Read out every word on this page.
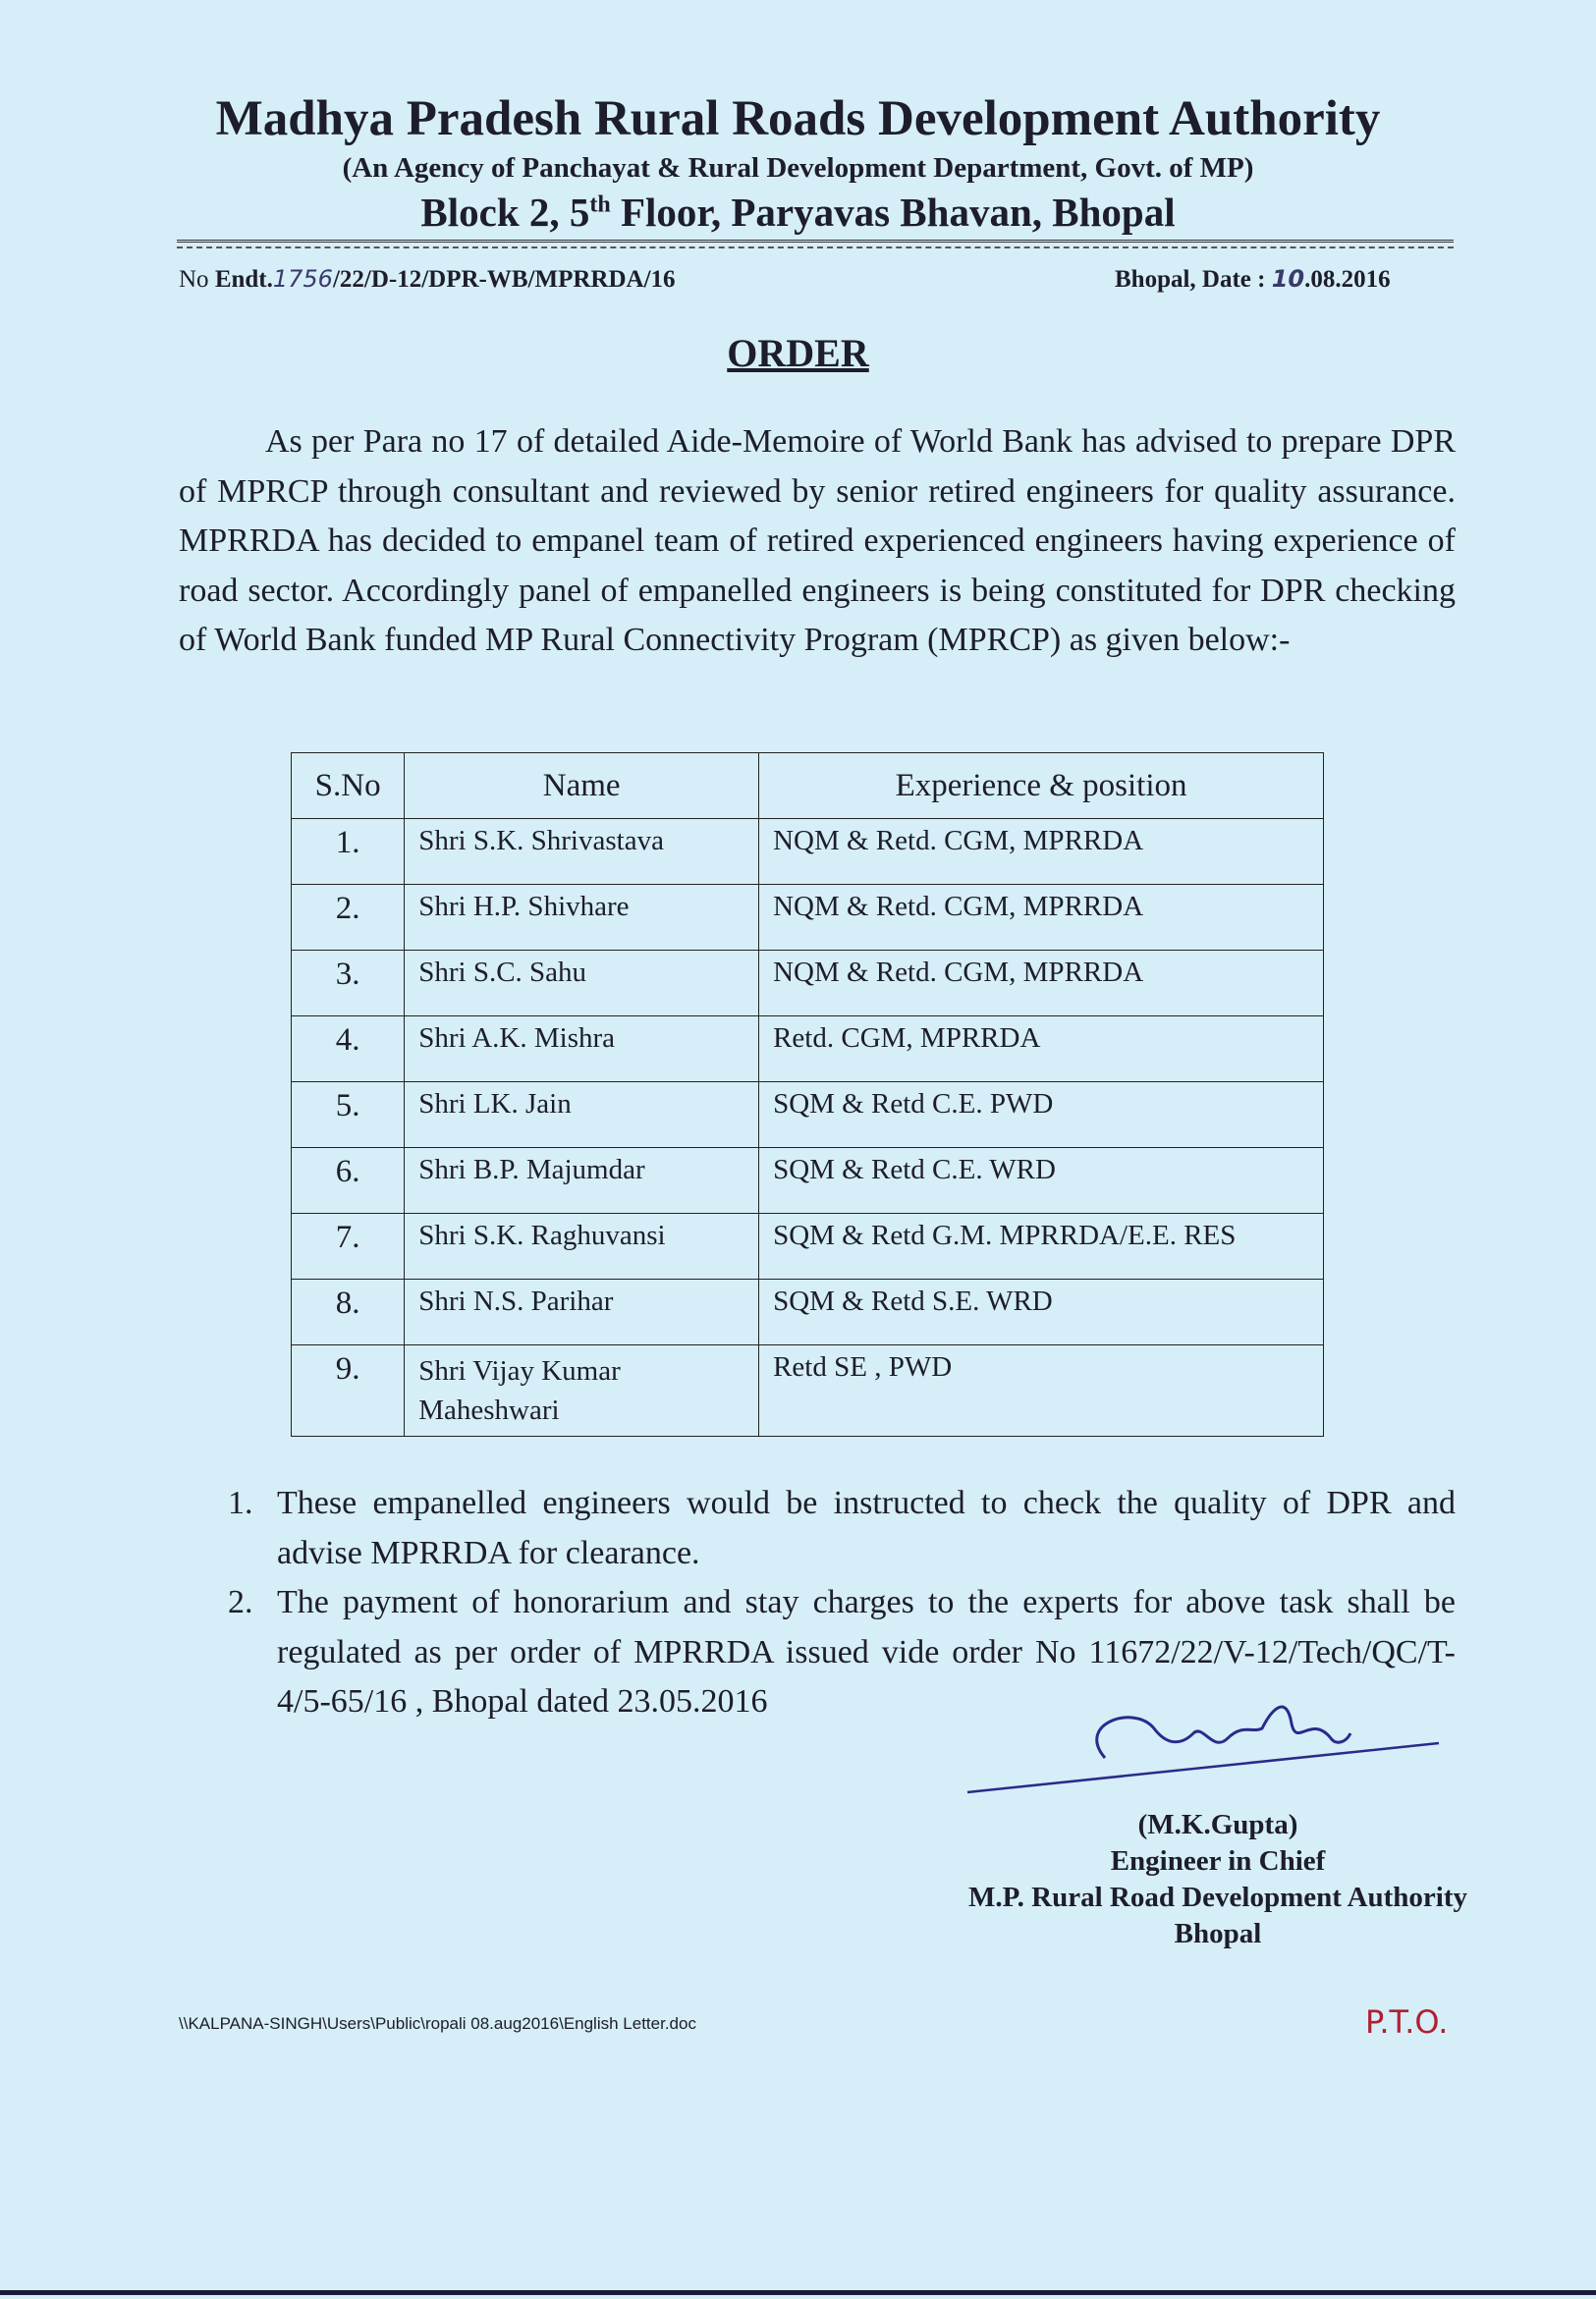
Madhya Pradesh Rural Roads Development Authority
(An Agency of Panchayat & Rural Development Department, Govt. of MP)
Block 2, 5th Floor, Paryavas Bhavan, Bhopal
No Endt.1756/22/D-12/DPR-WB/MPRRDA/16	Bhopal, Date : 10.08.2016
ORDER
As per Para no 17 of detailed Aide-Memoire of World Bank has advised to prepare DPR of MPRCP through consultant and reviewed by senior retired engineers for quality assurance. MPRRDA has decided to empanel team of retired experienced engineers having experience of road sector. Accordingly panel of empanelled engineers is being constituted for DPR checking of World Bank funded MP Rural Connectivity Program (MPRCP) as given below:-
S.No	Name	Experience & position
1.	Shri S.K. Shrivastava	NQM & Retd. CGM, MPRRDA
2.	Shri H.P. Shivhare	NQM & Retd. CGM, MPRRDA
3.	Shri S.C. Sahu	NQM & Retd. CGM, MPRRDA
4.	Shri A.K. Mishra	Retd. CGM, MPRRDA
5.	Shri LK. Jain	SQM & Retd C.E. PWD
6.	Shri B.P. Majumdar	SQM & Retd C.E. WRD
7.	Shri S.K. Raghuvansi	SQM & Retd G.M. MPRRDA/E.E. RES
8.	Shri N.S. Parihar	SQM & Retd S.E. WRD
9.	Shri Vijay Kumar Maheshwari	Retd SE , PWD
1. These empanelled engineers would be instructed to check the quality of DPR and advise MPRRDA for clearance.
2. The payment of honorarium and stay charges to the experts for above task shall be regulated as per order of MPRRDA issued vide order No 11672/22/V-12/Tech/QC/T-4/5-65/16 , Bhopal dated 23.05.2016
(M.K.Gupta)
Engineer in Chief
M.P. Rural Road Development Authority
Bhopal
\\KALPANA-SINGH\Users\Public\ropali 08.aug2016\English Letter.doc	P.T.O.
